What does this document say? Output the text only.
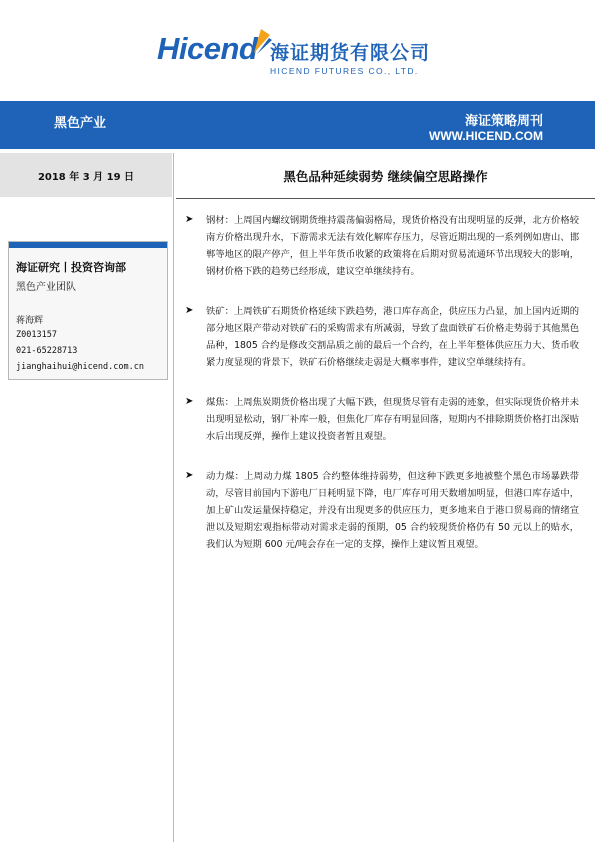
Hicend 海证期货有限公司
HICEND FUTURES CO., LTD.
黑色产业	海证策略周刊
WWW.HICEND.COM
2018 年 3 月 19 日	黑色品种延续弱势 继续偏空思路操作
海证研究丨投资咨询部
黑色产业团队
蒋海辉
Z0013157
021-65228713
jianghaihui@hicend.com.cn
➤ 钢材：上周国内螺纹钢期货维持震荡偏弱格局，现货价格没有出现明显的反弹，北方价格较南方价格出现升水，下游需求无法有效化解库存压力，尽管近期出现的一系列例如唐山、邯郸等地区的限产停产，但上半年货币收紧的政策将在后期对贸易流通环节出现较大的影响，钢材价格下跌的趋势已经形成，建议空单继续持有。

➤ 铁矿：上周铁矿石期货价格延续下跌趋势，港口库存高企，供应压力凸显，加上国内近期的部分地区限产带动对铁矿石的采购需求有所减弱，导致了盘面铁矿石价格走势弱于其他黑色品种，1805 合约是修改交割品质之前的最后一个合约，在上半年整体供应压力大、货币收紧力度显现的背景下，铁矿石价格继续走弱是大概率事件，建议空单继续持有。

➤ 煤焦：上周焦炭期货价格出现了大幅下跌，但现货尽管有走弱的迹象，但实际现货价格并未出现明显松动，钢厂补库一般，但焦化厂库存有明显回落，短期内不排除期货价格打出深贴水后出现反弹，操作上建议投资者暂且观望。

➤ 动力煤：上周动力煤 1805 合约整体维持弱势，但这种下跌更多地被整个黑色市场暴跌带动，尽管目前国内下游电厂日耗明显下降，电厂库存可用天数增加明显，但港口库存适中，加上矿山发运量保持稳定，并没有出现更多的供应压力，更多地来自于港口贸易商的情绪宣泄以及短期宏观指标带动对需求走弱的预期，05 合约较现货价格仍有 50 元以上的贴水，我们认为短期 600 元/吨会存在一定的支撑，操作上建议暂且观望。
